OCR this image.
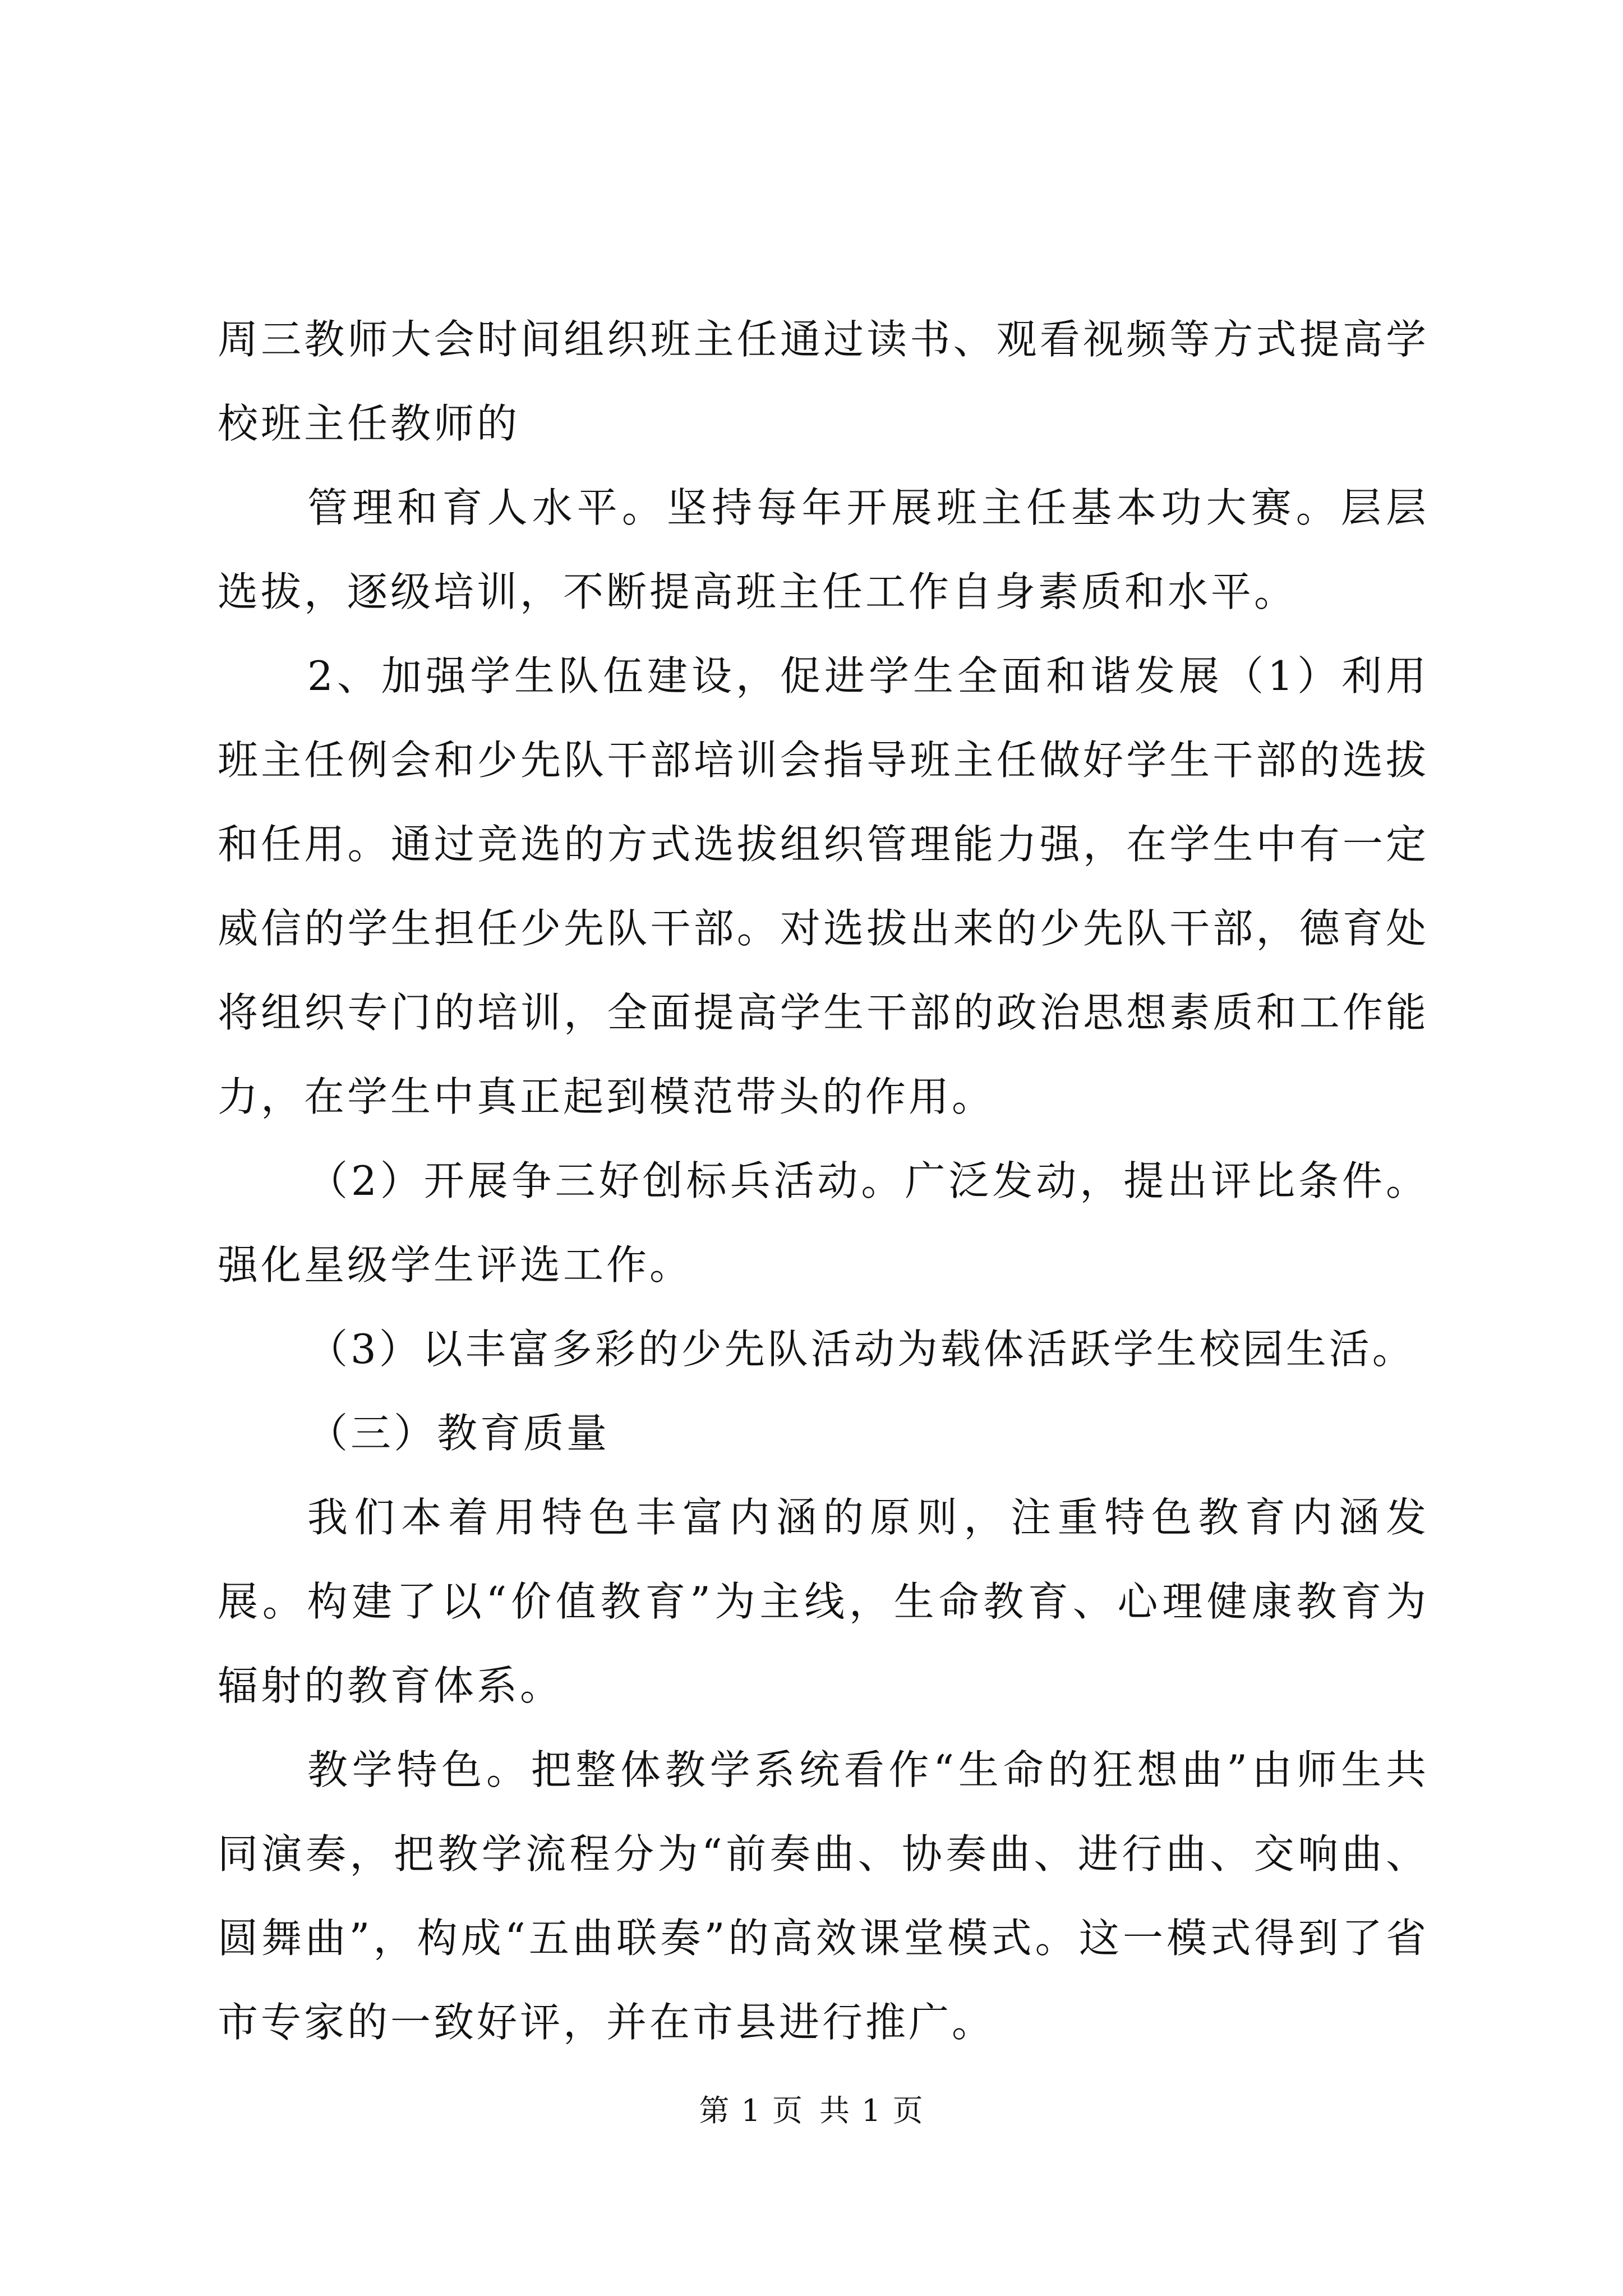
周三教师大会时间组织班主任通过读书、观看视频等方式提高学校班主任教师的

管理和育人水平。坚持每年开展班主任基本功大赛。层层选拔，逐级培训，不断提高班主任工作自身素质和水平。

2、加强学生队伍建设，促进学生全面和谐发展（1）利用班主任例会和少先队干部培训会指导班主任做好学生干部的选拔和任用。通过竞选的方式选拔组织管理能力强，在学生中有一定威信的学生担任少先队干部。对选拔出来的少先队干部，德育处将组织专门的培训，全面提高学生干部的政治思想素质和工作能力，在学生中真正起到模范带头的作用。

（2）开展争三好创标兵活动。广泛发动，提出评比条件。强化星级学生评选工作。

（3）以丰富多彩的少先队活动为载体活跃学生校园生活。

（三）教育质量

我们本着用特色丰富内涵的原则，注重特色教育内涵发展。构建了以“价值教育”为主线，生命教育、心理健康教育为辐射的教育体系。

教学特色。把整体教学系统看作“生命的狂想曲”由师生共同演奏，把教学流程分为“前奏曲、协奏曲、进行曲、交响曲、圆舞曲”，构成“五曲联奏”的高效课堂模式。这一模式得到了省市专家的一致好评，并在市县进行推广。

第 1 页 共 1 页
